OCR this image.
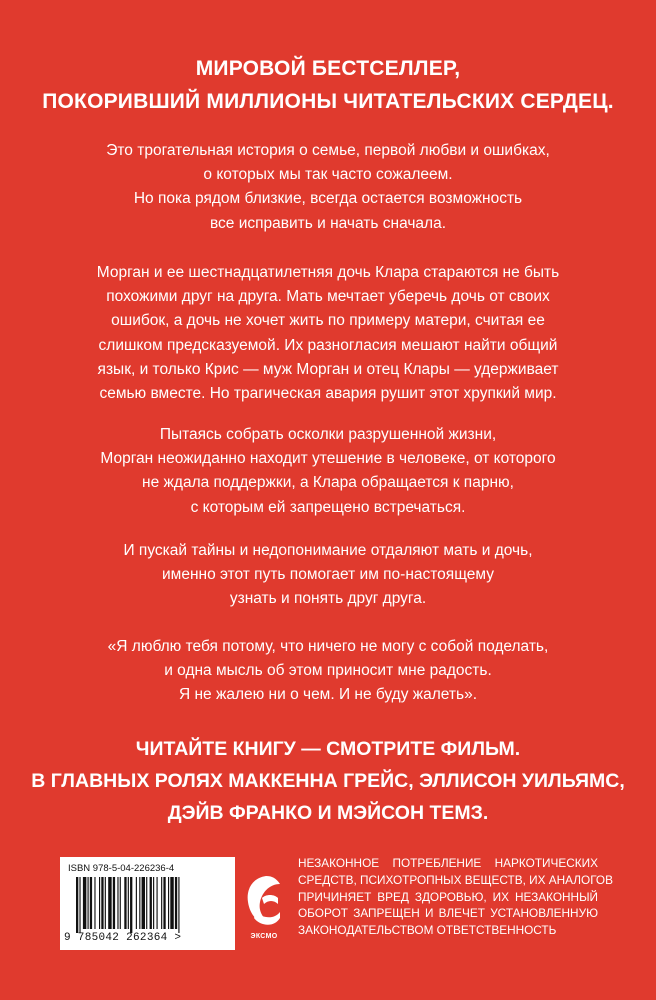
МИРОВОЙ БЕСТСЕЛЛЕР,
ПОКОРИВШИЙ МИЛЛИОНЫ ЧИТАТЕЛЬСКИХ СЕРДЕЦ.
Это трогательная история о семье, первой любви и ошибках,
о которых мы так часто сожалеем.
Но пока рядом близкие, всегда остается возможность
все исправить и начать сначала.
Морган и ее шестнадцатилетняя дочь Клара стараются не быть
похожими друг на друга. Мать мечтает уберечь дочь от своих
ошибок, а дочь не хочет жить по примеру матери, считая ее
слишком предсказуемой. Их разногласия мешают найти общий
язык, и только Крис — муж Морган и отец Клары — удерживает
семью вместе. Но трагическая авария рушит этот хрупкий мир.
Пытаясь собрать осколки разрушенной жизни,
Морган неожиданно находит утешение в человеке, от которого
не ждала поддержки, а Клара обращается к парню,
с которым ей запрещено встречаться.
И пускай тайны и недопонимание отдаляют мать и дочь,
именно этот путь помогает им по-настоящему
узнать и понять друг друга.
«Я люблю тебя потому, что ничего не могу с собой поделать,
и одна мысль об этом приносит мне радость.
Я не жалею ни о чем. И не буду жалеть».
ЧИТАЙТЕ КНИГУ — СМОТРИТЕ ФИЛЬМ.
В ГЛАВНЫХ РОЛЯХ МАККЕННА ГРЕЙС, ЭЛЛИСОН УИЛЬЯМС,
ДЭЙВ ФРАНКО И МЭЙСОН ТЕМЗ.
ISBN 978-5-04-226236-4
9 785042 262364 >	ЭКСМО
НЕЗАКОННОЕ ПОТРЕБЛЕНИЕ НАРКОТИЧЕСКИХ
СРЕДСТВ, ПСИХОТРОПНЫХ ВЕЩЕСТВ, ИХ АНАЛОГОВ
ПРИЧИНЯЕТ ВРЕД ЗДОРОВЬЮ, ИХ НЕЗАКОННЫЙ
ОБОРОТ ЗАПРЕЩЕН И ВЛЕЧЕТ УСТАНОВЛЕННУЮ
ЗАКОНОДАТЕЛЬСТВОМ ОТВЕТСТВЕННОСТЬ
